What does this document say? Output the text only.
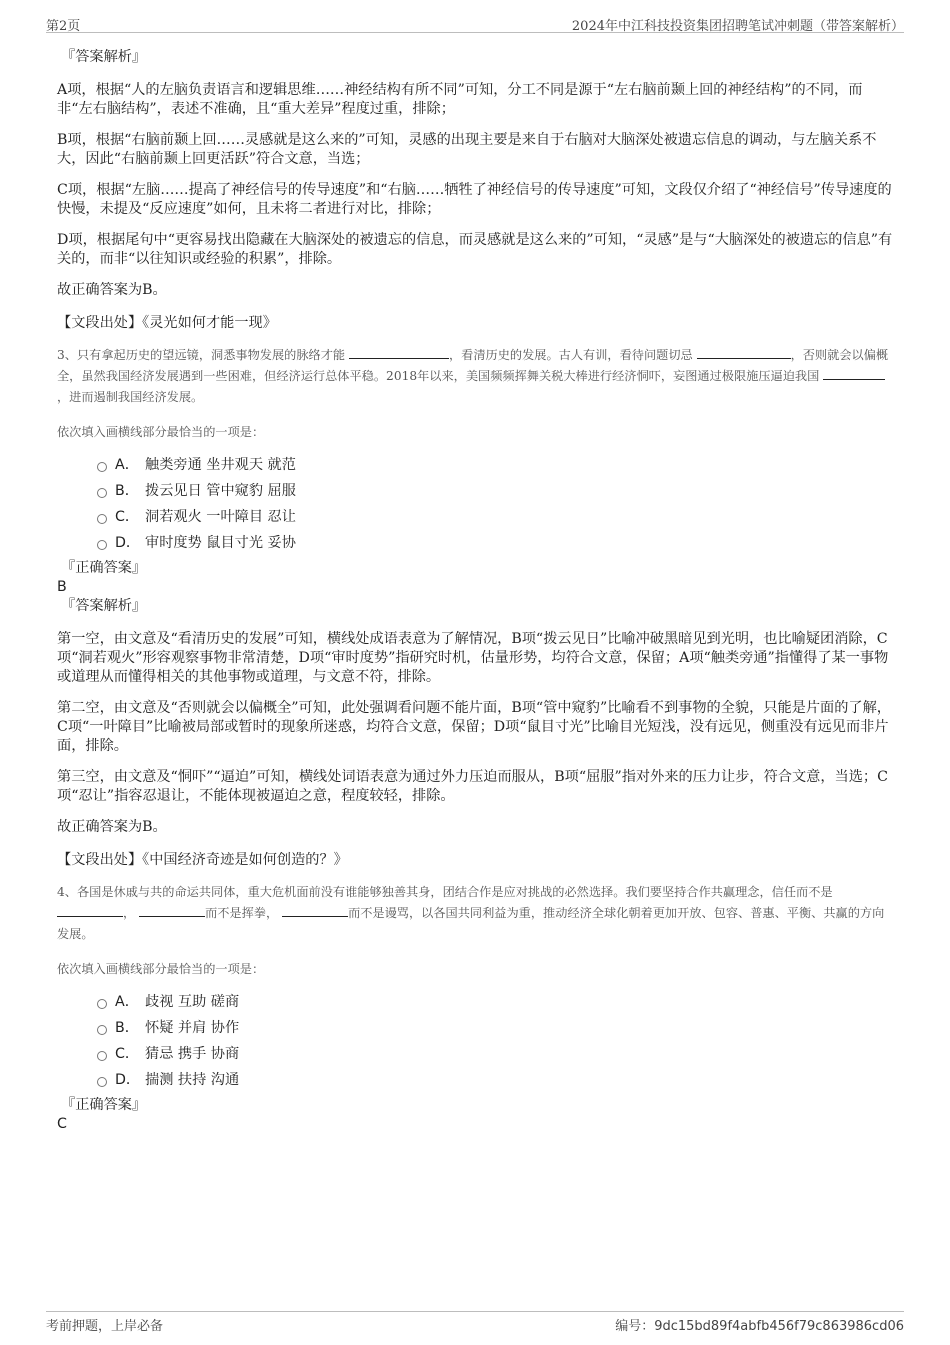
第2页	2024年中江科技投资集团招聘笔试冲刺题（带答案解析）

『答案解析』

A项，根据“人的左脑负责语言和逻辑思维……神经结构有所不同”可知，分工不同是源于“左右脑前颞上回的神经结构”的不同，而非“左右脑结构”，表述不准确，且“重大差异”程度过重，排除；

B项，根据“右脑前颞上回……灵感就是这么来的”可知，灵感的出现主要是来自于右脑对大脑深处被遗忘信息的调动，与左脑关系不大，因此“右脑前颞上回更活跃”符合文意，当选；

C项，根据“左脑……提高了神经信号的传导速度”和“右脑……牺牲了神经信号的传导速度”可知，文段仅介绍了“神经信号”传导速度的快慢，未提及“反应速度”如何，且未将二者进行对比，排除；

D项，根据尾句中“更容易找出隐藏在大脑深处的被遗忘的信息，而灵感就是这么来的”可知，“灵感”是与“大脑深处的被遗忘的信息”有关的，而非“以往知识或经验的积累”，排除。

故正确答案为B。

【文段出处】《灵光如何才能一现》

3、只有拿起历史的望远镜，洞悉事物发展的脉络才能	，看清历史的发展。古人有训，看待问题切忌	，否则就会以偏概全，虽然我国经济发展遇到一些困难，但经济运行总体平稳。2018年以来，美国频频挥舞关税大棒进行经济恫吓，妄图通过极限施压逼迫我国 ，进而遏制我国经济发展。

依次填入画横线部分最恰当的一项是：

A． 触类旁通 坐井观天 就范
B． 拨云见日 管中窥豹 屈服
C． 洞若观火 一叶障目 忍让
D． 审时度势 鼠目寸光 妥协

『正确答案』

B

『答案解析』

第一空，由文意及“看清历史的发展”可知，横线处成语表意为了解情况，B项“拨云见日”比喻冲破黑暗见到光明，也比喻疑团消除，C项“洞若观火”形容观察事物非常清楚，D项“审时度势”指研究时机，估量形势，均符合文意，保留；A项“触类旁通”指懂得了某一事物或道理从而懂得相关的其他事物或道理，与文意不符，排除。

第二空，由文意及“否则就会以偏概全”可知，此处强调看问题不能片面，B项“管中窥豹”比喻看不到事物的全貌，只能是片面的了解，C项“一叶障目”比喻被局部或暂时的现象所迷惑，均符合文意，保留；D项“鼠目寸光”比喻目光短浅，没有远见，侧重没有远见而非片面，排除。

第三空，由文意及“恫吓”“逼迫”可知，横线处词语表意为通过外力压迫而服从，B项“屈服”指对外来的压力让步，符合文意，当选；C项“忍让”指容忍退让，不能体现被逼迫之意，程度较轻，排除。

故正确答案为B。

【文段出处】《中国经济奇迹是如何创造的？》

4、各国是休戚与共的命运共同体，重大危机面前没有谁能够独善其身，团结合作是应对挑战的必然选择。我们要坚持合作共赢理念，信任而不是 ，	而不是挥拳，	而不是谩骂，以各国共同利益为重，推动经济全球化朝着更加开放、包容、普惠、平衡、共赢的方向发展。

依次填入画横线部分最恰当的一项是：

A． 歧视 互助 磋商
B． 怀疑 并肩 协作
C． 猜忌 携手 协商
D． 揣测 扶持 沟通

『正确答案』

C

考前押题，上岸必备	编号：9dc15bd89f4abfb456f79c863986cd06
